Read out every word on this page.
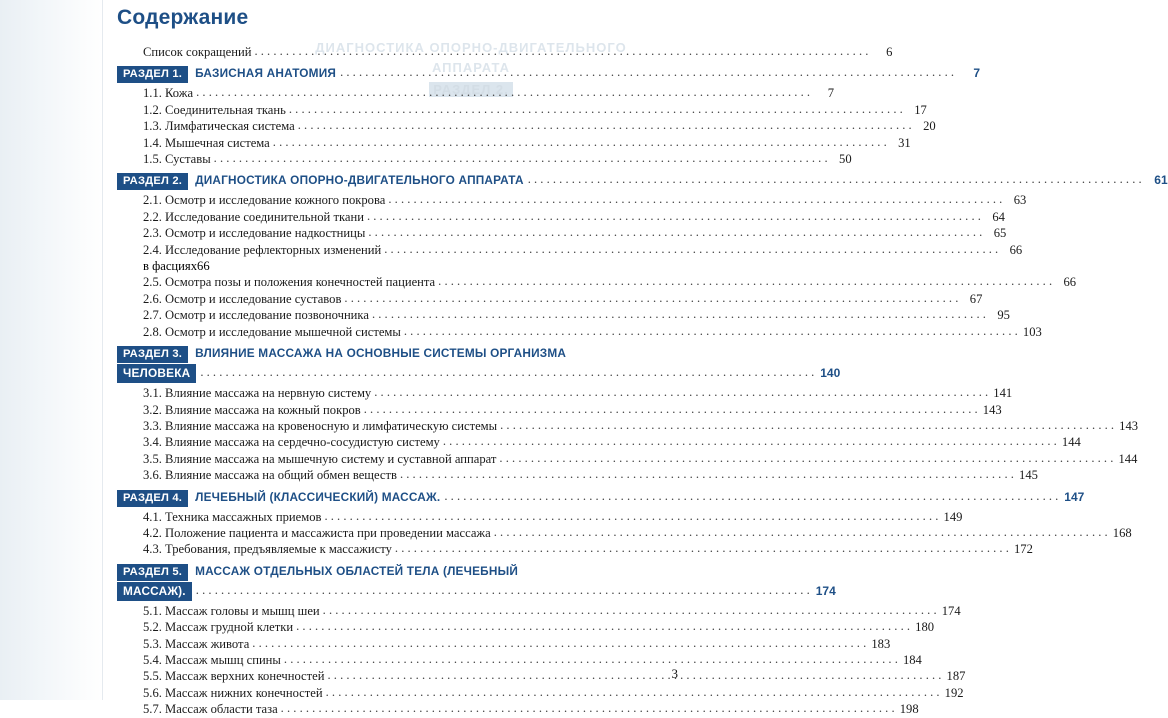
ДИАГНОСТИКА ОПОРНО-ДВИГАТЕЛЬНОГО
АППАРАТА
РАЗДЕЛ 2.
Содержание
Список сокращений . . .	6
РАЗДЕЛ 1.	БАЗИСНАЯ АНАТОМИЯ . . .	7
1.1. Кожа . . .	7
1.2. Соединительная ткань . . .	17
1.3. Лимфатическая система . . .	20
1.4. Мышечная система . . .	31
1.5. Суставы . . .	50
РАЗДЕЛ 2.	ДИАГНОСТИКА ОПОРНО-ДВИГАТЕЛЬНОГО АППАРАТА . . .	61
2.1. Осмотр и исследование кожного покрова . . .	63
2.2. Исследование соединительной ткани . . .	64
2.3. Осмотр и исследование надкостницы . . .	65
2.4. Исследование рефлекторных изменений . . .	66
в фасциях 66
2.5. Осмотра позы и положения конечностей пациента . . .	66
2.6. Осмотр и исследование суставов . . .	67
2.7. Осмотр и исследование позвоночника . . .	95
2.8. Осмотр и исследование мышечной системы . . .	103
РАЗДЕЛ 3.	ВЛИЯНИЕ МАССАЖА НА ОСНОВНЫЕ СИСТЕМЫ ОРГАНИЗМА
ЧЕЛОВЕКА . . .	140
3.1. Влияние массажа на нервную систему . . .	141
3.2. Влияние массажа на кожный покров . . .	143
3.3. Влияние массажа на кровеносную и лимфатическую системы . . .	143
3.4. Влияние массажа на сердечно-сосудистую систему . . .	144
3.5. Влияние массажа на мышечную систему и суставной аппарат . . .	144
3.6. Влияние массажа на общий обмен веществ . . .	145
РАЗДЕЛ 4.	ЛЕЧЕБНЫЙ (КЛАССИЧЕСКИЙ) МАССАЖ. . . .	147
4.1. Техника массажных приемов . . .	149
4.2. Положение пациента и массажиста при проведении массажа . . .	168
4.3. Требования, предъявляемые к массажисту . . .	172
РАЗДЕЛ 5.	МАССАЖ ОТДЕЛЬНЫХ ОБЛАСТЕЙ ТЕЛА (ЛЕЧЕБНЫЙ
МАССАЖ). . . .	174
5.1. Массаж головы и мышц шеи . . .	174
5.2. Массаж грудной клетки . . .	180
5.3. Массаж живота . . .	183
5.4. Массаж мышц спины . . .	184
5.5. Массаж верхних конечностей . . .	187
5.6. Массаж нижних конечностей . . .	192
5.7. Массаж области таза . . .	198
3
